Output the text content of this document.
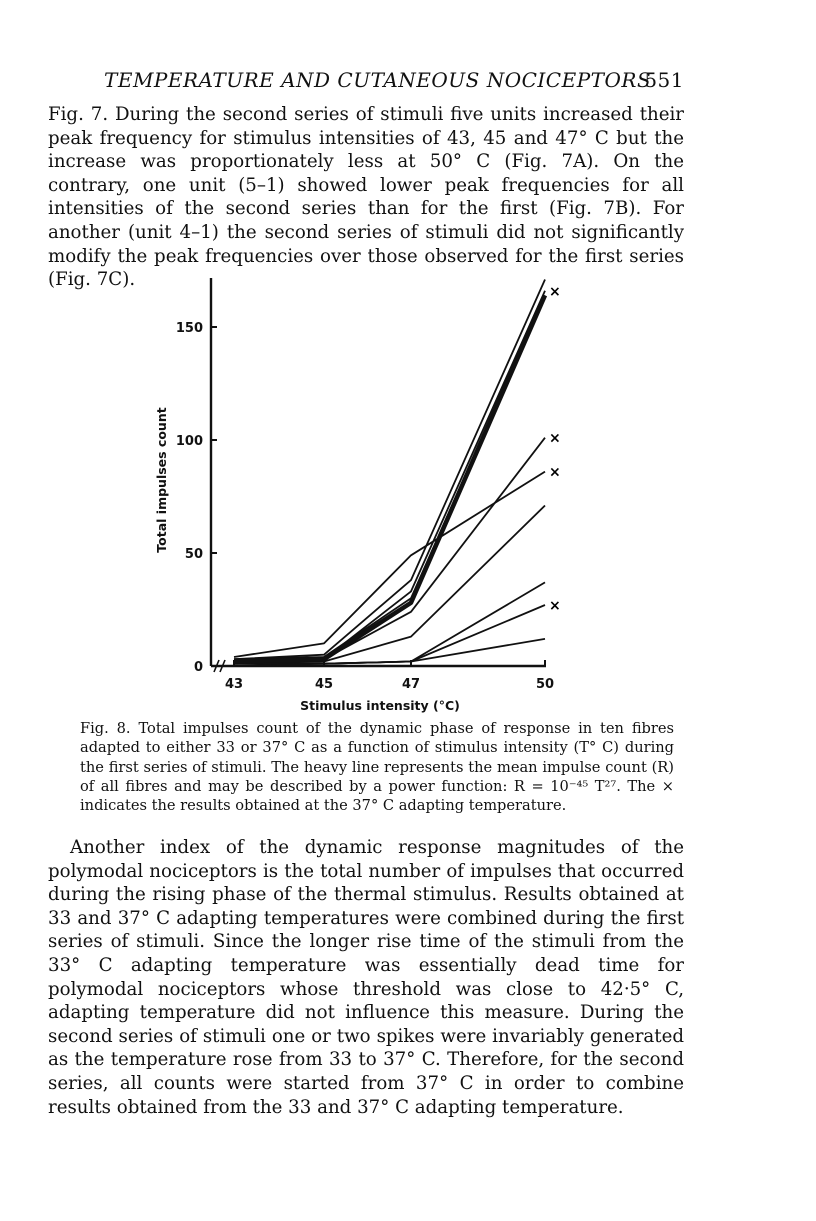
TEMPERATURE AND CUTANEOUS NOCICEPTORS
551

Fig. 7. During the second series of stimuli five units increased their peak frequency for stimulus intensities of 43, 45 and 47° C but the increase was proportionately less at 50° C (Fig. 7A). On the contrary, one unit (5–1) showed lower peak frequencies for all intensities of the second series than for the first (Fig. 7B). For another (unit 4–1) the second series of stimuli did not significantly modify the peak frequencies over those observed for the first series (Fig. 7C).

×
×
×
×
0
50
100
150
43	45	47	50
Stimulus intensity (°C)
Total impulses count

Fig. 8. Total impulses count of the dynamic phase of response in ten fibres adapted to either 33 or 37° C as a function of stimulus intensity (T° C) during the first series of stimuli. The heavy line represents the mean impulse count (R) of all fibres and may be described by a power function: R = 10⁻⁴⁵ T²⁷. The × indicates the results obtained at the 37° C adapting temperature.

Another index of the dynamic response magnitudes of the polymodal nociceptors is the total number of impulses that occurred during the rising phase of the thermal stimulus. Results obtained at 33 and 37° C adapting temperatures were combined during the first series of stimuli. Since the longer rise time of the stimuli from the 33° C adapting temperature was essentially dead time for polymodal nociceptors whose threshold was close to 42·5° C, adapting temperature did not influence this measure. During the second series of stimuli one or two spikes were invariably generated as the temperature rose from 33 to 37° C. Therefore, for the second series, all counts were started from 37° C in order to combine results obtained from the 33 and 37° C adapting temperature.
